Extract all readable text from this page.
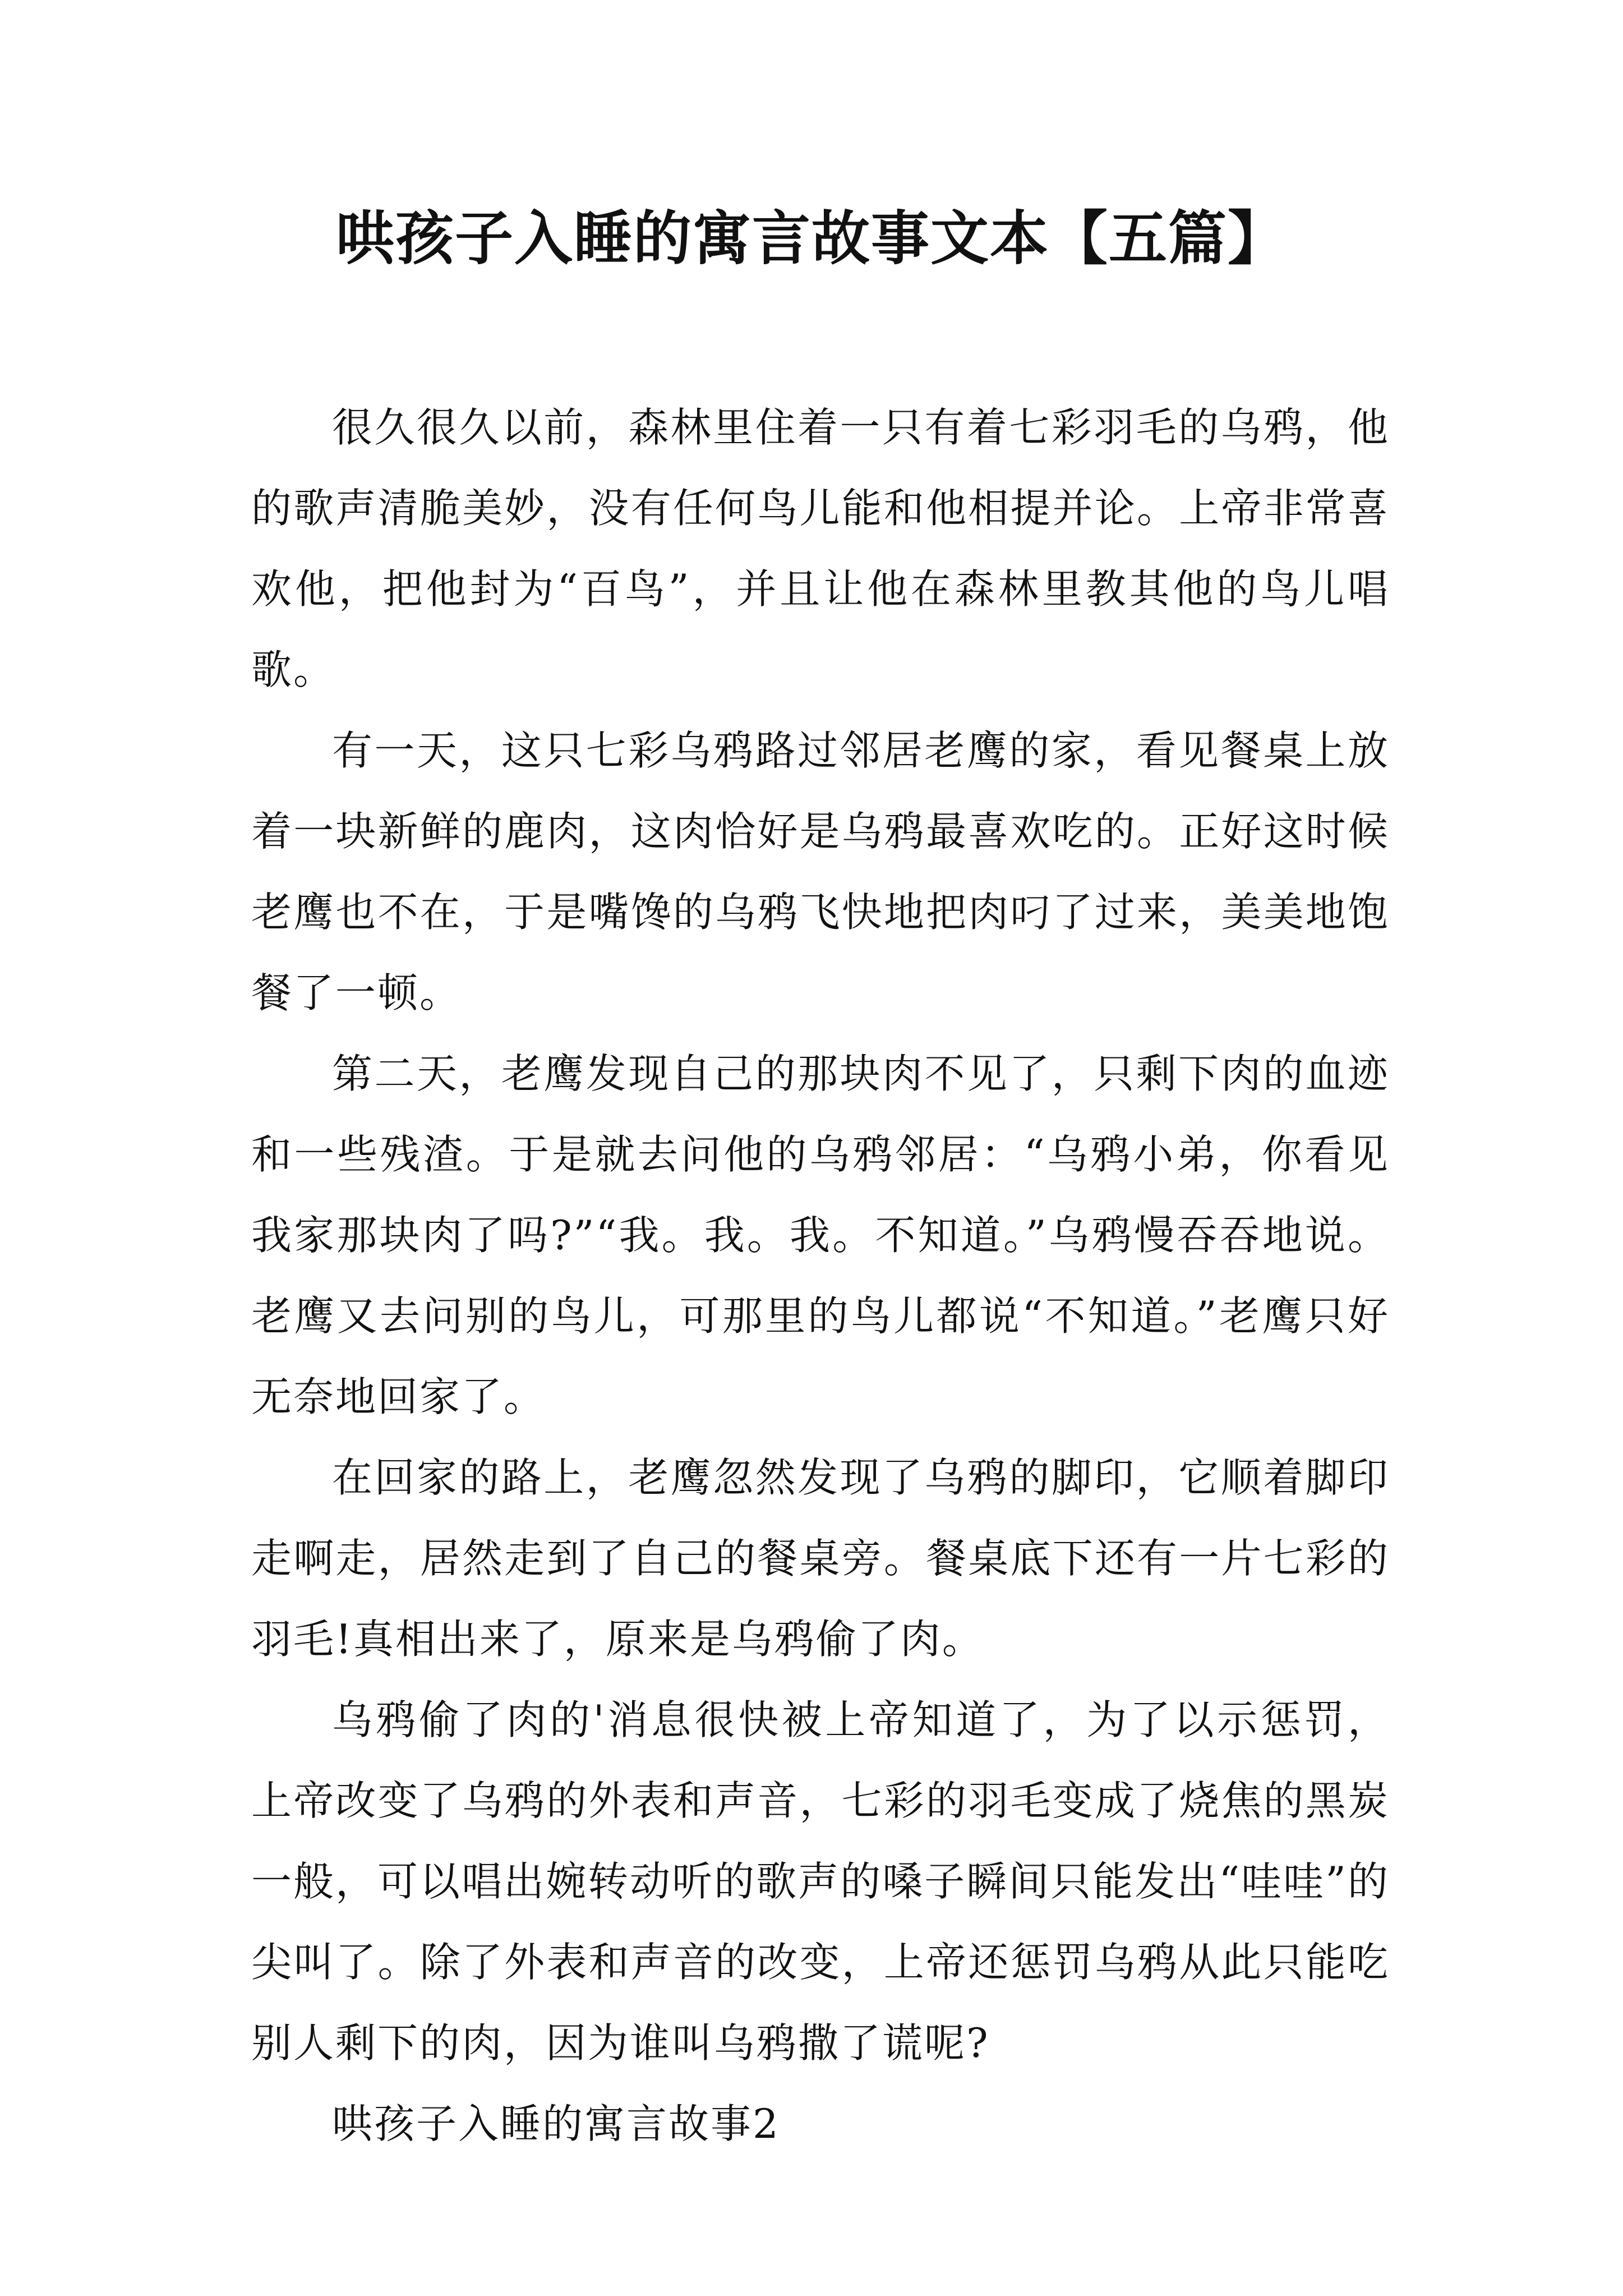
哄孩子入睡的寓言故事文本【五篇】

很久很久以前，森林里住着一只有着七彩羽毛的乌鸦，他的歌声清脆美妙，没有任何鸟儿能和他相提并论。上帝非常喜欢他，把他封为“百鸟”，并且让他在森林里教其他的鸟儿唱歌。

有一天，这只七彩乌鸦路过邻居老鹰的家，看见餐桌上放着一块新鲜的鹿肉，这肉恰好是乌鸦最喜欢吃的。正好这时候老鹰也不在，于是嘴馋的乌鸦飞快地把肉叼了过来，美美地饱餐了一顿。

第二天，老鹰发现自己的那块肉不见了，只剩下肉的血迹和一些残渣。于是就去问他的乌鸦邻居：“乌鸦小弟，你看见我家那块肉了吗?”“我。我。我。不知道。”乌鸦慢吞吞地说。老鹰又去问别的鸟儿，可那里的鸟儿都说“不知道。”老鹰只好无奈地回家了。

在回家的路上，老鹰忽然发现了乌鸦的脚印，它顺着脚印走啊走，居然走到了自己的餐桌旁。餐桌底下还有一片七彩的羽毛!真相出来了，原来是乌鸦偷了肉。

乌鸦偷了肉的'消息很快被上帝知道了，为了以示惩罚，上帝改变了乌鸦的外表和声音，七彩的羽毛变成了烧焦的黑炭一般，可以唱出婉转动听的歌声的嗓子瞬间只能发出“哇哇”的尖叫了。除了外表和声音的改变，上帝还惩罚乌鸦从此只能吃别人剩下的肉，因为谁叫乌鸦撒了谎呢?

哄孩子入睡的寓言故事2
